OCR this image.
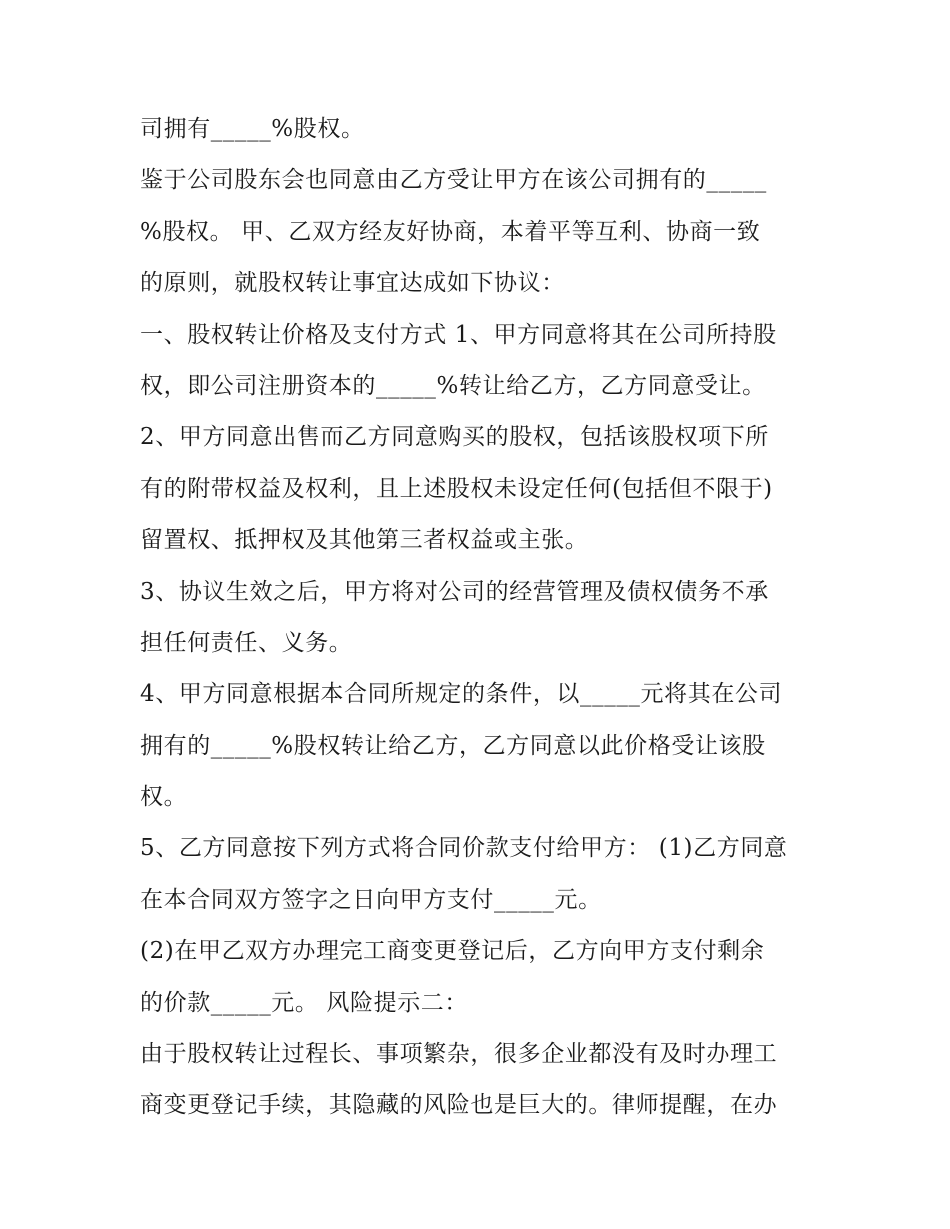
司拥有_____%股权。
鉴于公司股东会也同意由乙方受让甲方在该公司拥有的_____
%股权。 甲、乙双方经友好协商，本着平等互利、协商一致
的原则，就股权转让事宜达成如下协议：
一、股权转让价格及支付方式 1、甲方同意将其在公司所持股
权，即公司注册资本的_____%转让给乙方，乙方同意受让。
2、甲方同意出售而乙方同意购买的股权，包括该股权项下所
有的附带权益及权利，且上述股权未设定任何(包括但不限于)
留置权、抵押权及其他第三者权益或主张。
3、协议生效之后，甲方将对公司的经营管理及债权债务不承
担任何责任、义务。
4、甲方同意根据本合同所规定的条件，以_____元将其在公司
拥有的_____%股权转让给乙方，乙方同意以此价格受让该股
权。
5、乙方同意按下列方式将合同价款支付给甲方： (1)乙方同意
在本合同双方签字之日向甲方支付_____元。
(2)在甲乙双方办理完工商变更登记后，乙方向甲方支付剩余
的价款_____元。 风险提示二：
由于股权转让过程长、事项繁杂，很多企业都没有及时办理工
商变更登记手续，其隐藏的风险也是巨大的。律师提醒，在办
